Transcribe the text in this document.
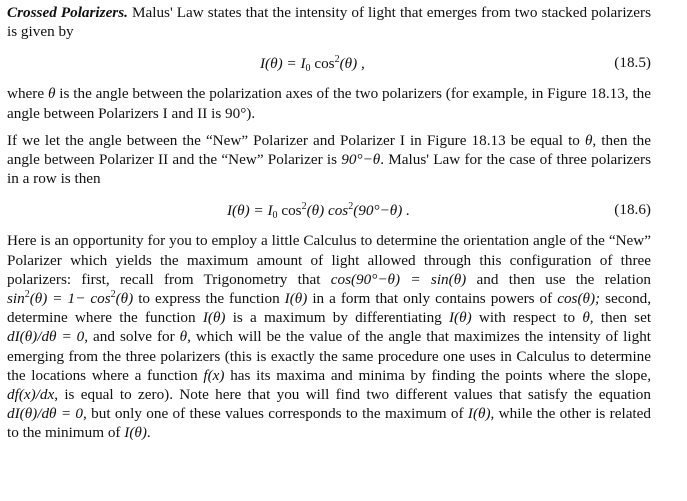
Crossed Polarizers. Malus' Law states that the intensity of light that emerges from two stacked polarizers is given by

$I(\theta) = I_0$ $\cos^2(\theta)$ ,	(18.5)

where θ is the angle between the polarization axes of the two polarizers (for example, in Figure 18.13, the angle between Polarizers I and II is 90°).

If we let the angle between the “New” Polarizer and Polarizer I in Figure 18.13 be equal to θ, then the angle between Polarizer II and the “New” Polarizer is 90°−θ. Malus' Law for the case of three polarizers in a row is then

$I(\theta) = I_0$ $\cos^2(\theta)$ $\cos^2(90^\circ-\theta)$ .	(18.6)

Here is an opportunity for you to employ a little Calculus to determine the orientation angle of the “New” Polarizer which yields the maximum amount of light allowed through this configuration of three polarizers: first, recall from Trigonometry that cos(90°−θ) = sin(θ) and then use the relation $\sin^2(\theta) = 1- \cos^2(\theta)$ to express the function I(θ) in a form that only contains powers of cos(θ); second, determine where the function I(θ) is a maximum by differentiating I(θ) with respect to θ, then set dI(θ)/dθ = 0, and solve for θ, which will be the value of the angle that maximizes the intensity of light emerging from the three polarizers (this is exactly the same procedure one uses in Calculus to determine the locations where a function f(x) has its maxima and minima by finding the points where the slope, df(x)/dx, is equal to zero). Note here that you will find two different values that satisfy the equation dI(θ)/dθ = 0, but only one of these values corresponds to the maximum of I(θ), while the other is related to the minimum of I(θ).
